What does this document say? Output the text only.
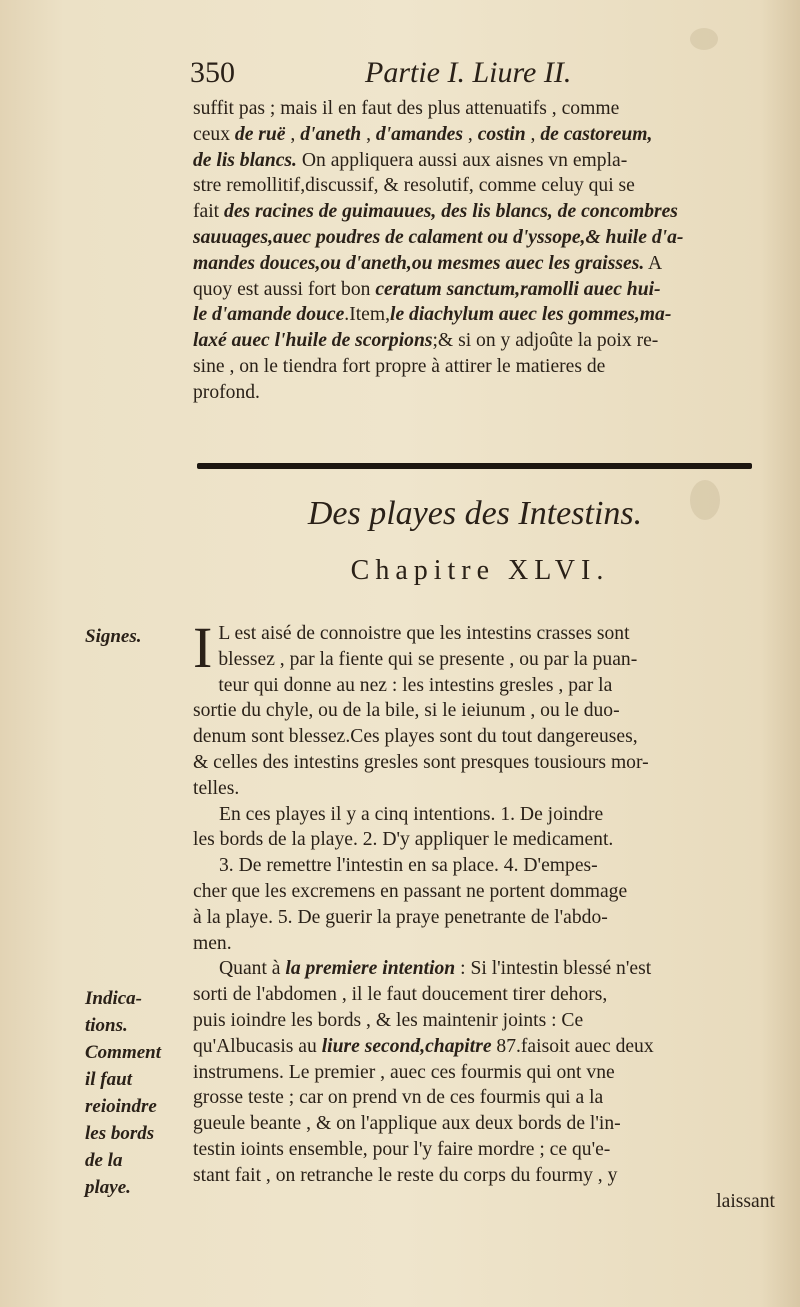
350	Partie I. Liure II.
suffit pas ; mais il en faut des plus attenuatifs , comme
ceux de ruë , d'aneth , d'amandes , costin , de castoreum,
de lis blancs. On appliquera aussi aux aisnes vn empla-
stre remollitif,discussif, & resolutif, comme celuy qui se
fait des racines de guimauues, des lis blancs, de concombres
sauuages,auec poudres de calament ou d'yssope,& huile d'a-
mandes douces,ou d'aneth,ou mesmes auec les graisses. A
quoy est aussi fort bon ceratum sanctum,ramolli auec hui-
le d'amande douce.Item,le diachylum auec les gommes,ma-
laxé auec l'huile de scorpions;& si on y adjoûte la poix re-
sine , on le tiendra fort propre à attirer le matieres de
profond.
Des playes des Intestins.
Chapitre XLVI.
Signes.
Indica-
tions.
Comment
il faut
reioindre
les bords
de la
playe.
I L est aisé de connoistre que les intestins crasses sont
blessez , par la fiente qui se presente , ou par la puan-
teur qui donne au nez : les intestins gresles , par la
sortie du chyle, ou de la bile, si le ieiunum , ou le duo-
denum sont blessez.Ces playes sont du tout dangereuses,
& celles des intestins gresles sont presques tousiours mor-
telles.
En ces playes il y a cinq intentions. 1. De joindre
les bords de la playe. 2. D'y appliquer le medicament.
3. De remettre l'intestin en sa place. 4. D'empes-
cher que les excremens en passant ne portent dommage
à la playe. 5. De guerir la praye penetrante de l'abdo-
men.
Quant à la premiere intention : Si l'intestin blessé n'est
sorti de l'abdomen , il le faut doucement tirer dehors,
puis ioindre les bords , & les maintenir joints : Ce
qu'Albucasis au liure second,chapitre 87.faisoit auec deux
instrumens. Le premier , auec ces fourmis qui ont vne
grosse teste ; car on prend vn de ces fourmis qui a la
gueule beante , & on l'applique aux deux bords de l'in-
testin ioints ensemble, pour l'y faire mordre ; ce qu'e-
stant fait , on retranche le reste du corps du fourmy , y
laissant
